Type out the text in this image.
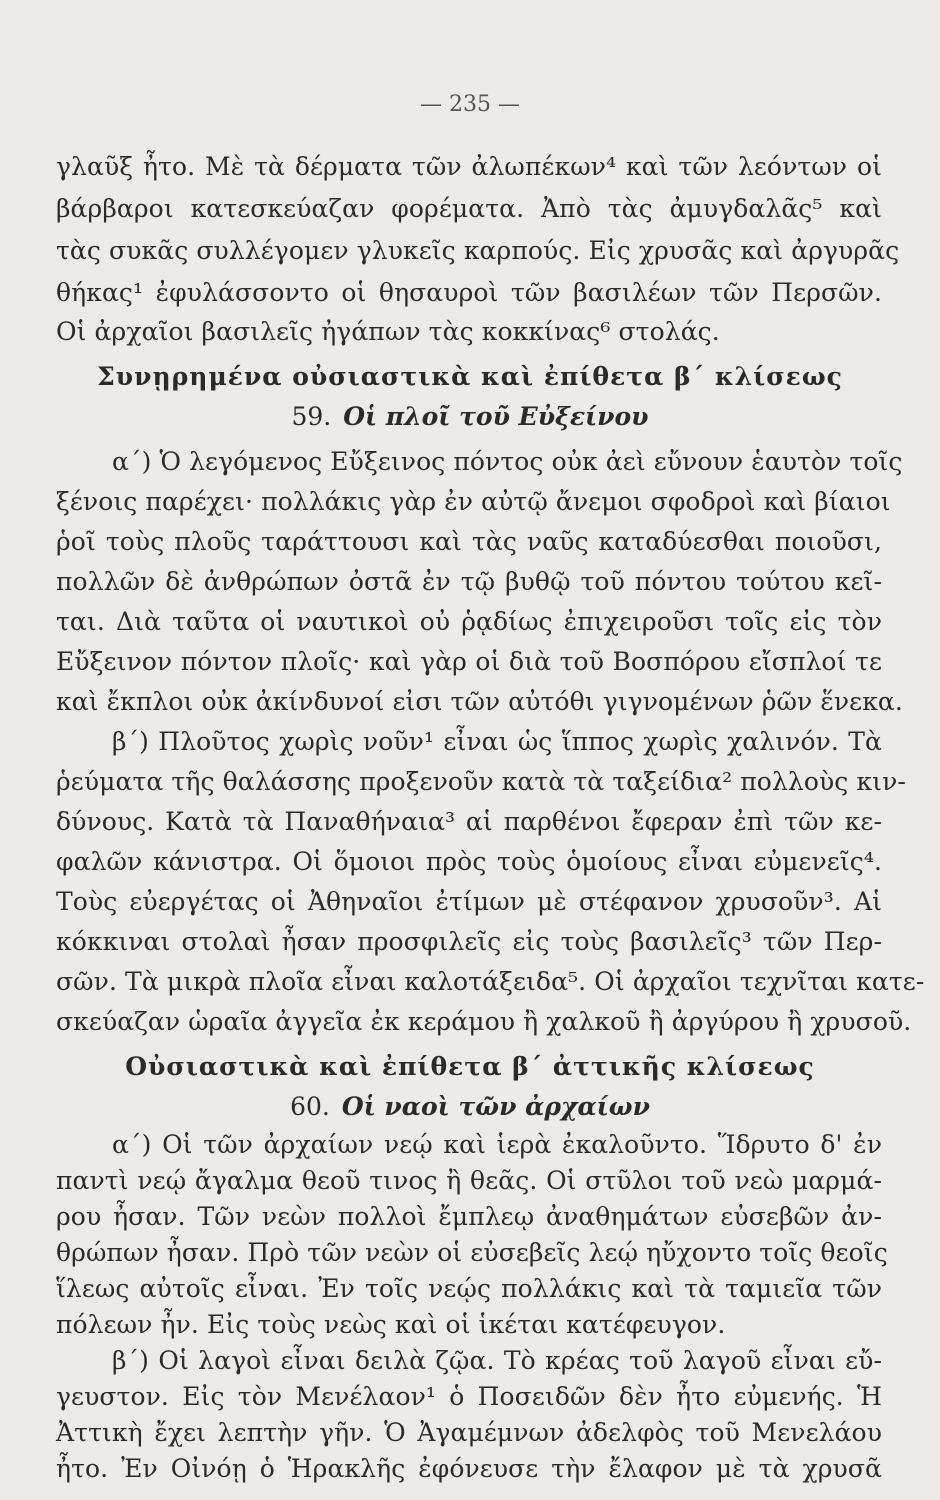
— 235 —
γλαῦξ ἦτο. Μὲ τὰ δέρματα τῶν ἀλωπέκων⁴ καὶ τῶν λεόντων οἱ
βάρβαροι κατεσκεύαζαν φορέματα. Ἀπὸ τὰς ἀμυγδαλᾶς⁵ καὶ
τὰς συκᾶς συλλέγομεν γλυκεῖς καρπούς. Εἰς χρυσᾶς καὶ ἀργυρᾶς
θήκας¹ ἐφυλάσσοντο οἱ θησαυροὶ τῶν βασιλέων τῶν Περσῶν.
Οἱ ἀρχαῖοι βασιλεῖς ἠγάπων τὰς κοκκίνας⁶ στολάς.
Συνῃρημένα οὐσιαστικὰ καὶ ἐπίθετα β΄ κλίσεως
59. Οἱ πλοῖ τοῦ Εὐξείνου
α΄) Ὁ λεγόμενος Εὔξεινος πόντος οὐκ ἀεὶ εὔνουν ἑαυτὸν τοῖς
ξένοις παρέχει· πολλάκις γὰρ ἐν αὐτῷ ἄνεμοι σφοδροὶ καὶ βίαιοι
ῥοῖ τοὺς πλοῦς ταράττουσι καὶ τὰς ναῦς καταδύεσθαι ποιοῦσι,
πολλῶν δὲ ἀνθρώπων ὀστᾶ ἐν τῷ βυθῷ τοῦ πόντου τούτου κεῖ-
ται. Διὰ ταῦτα οἱ ναυτικοὶ οὐ ῥᾳδίως ἐπιχειροῦσι τοῖς εἰς τὸν
Εὔξεινον πόντον πλοῖς· καὶ γὰρ οἱ διὰ τοῦ Βοσπόρου εἴσπλοί τε
καὶ ἔκπλοι οὐκ ἀκίνδυνοί εἰσι τῶν αὐτόθι γιγνομένων ῥῶν ἕνεκα.
β΄) Πλοῦτος χωρὶς νοῦν¹ εἶναι ὡς ἵππος χωρὶς χαλινόν. Τὰ
ῥεύματα τῆς θαλάσσης προξενοῦν κατὰ τὰ ταξείδια² πολλοὺς κιν-
δύνους. Κατὰ τὰ Παναθήναια³ αἱ παρθένοι ἔφεραν ἐπὶ τῶν κε-
φαλῶν κάνιστρα. Οἱ ὅμοιοι πρὸς τοὺς ὁμοίους εἶναι εὐμενεῖς⁴.
Τοὺς εὐεργέτας οἱ Ἀθηναῖοι ἐτίμων μὲ στέφανον χρυσοῦν³. Αἱ
κόκκιναι στολαὶ ἦσαν προσφιλεῖς εἰς τοὺς βασιλεῖς³ τῶν Περ-
σῶν. Τὰ μικρὰ πλοῖα εἶναι καλοτάξειδα⁵. Οἱ ἀρχαῖοι τεχνῖται κατε-
σκεύαζαν ὡραῖα ἀγγεῖα ἐκ κεράμου ἢ χαλκοῦ ἢ ἀργύρου ἢ χρυσοῦ.
Οὐσιαστικὰ καὶ ἐπίθετα β΄ ἀττικῆς κλίσεως
60. Οἱ ναοὶ τῶν ἀρχαίων
α΄) Οἱ τῶν ἀρχαίων νεῴ καὶ ἱερὰ ἐκαλοῦντο. Ἵδρυτο δ' ἐν
παντὶ νεῴ ἄγαλμα θεοῦ τινος ἢ θεᾶς. Οἱ στῦλοι τοῦ νεὼ μαρμά-
ρου ἦσαν. Τῶν νεὼν πολλοὶ ἔμπλεῳ ἀναθημάτων εὐσεβῶν ἀν-
θρώπων ἦσαν. Πρὸ τῶν νεὼν οἱ εὐσεβεῖς λεῴ ηὔχοντο τοῖς θεοῖς
ἵλεως αὐτοῖς εἶναι. Ἐν τοῖς νεῴς πολλάκις καὶ τὰ ταμιεῖα τῶν
πόλεων ἦν. Εἰς τοὺς νεὼς καὶ οἱ ἱκέται κατέφευγον.
β΄) Οἱ λαγοὶ εἶναι δειλὰ ζῷα. Τὸ κρέας τοῦ λαγοῦ εἶναι εὔ-
γευστον. Εἰς τὸν Μενέλαον¹ ὁ Ποσειδῶν δὲν ἦτο εὐμενής. Ἡ
Ἀττικὴ ἔχει λεπτὴν γῆν. Ὁ Ἀγαμέμνων ἀδελφὸς τοῦ Μενελάου
ἦτο. Ἐν Οἰνόῃ ὁ Ἡρακλῆς ἐφόνευσε τὴν ἔλαφον μὲ τὰ χρυσᾶ
